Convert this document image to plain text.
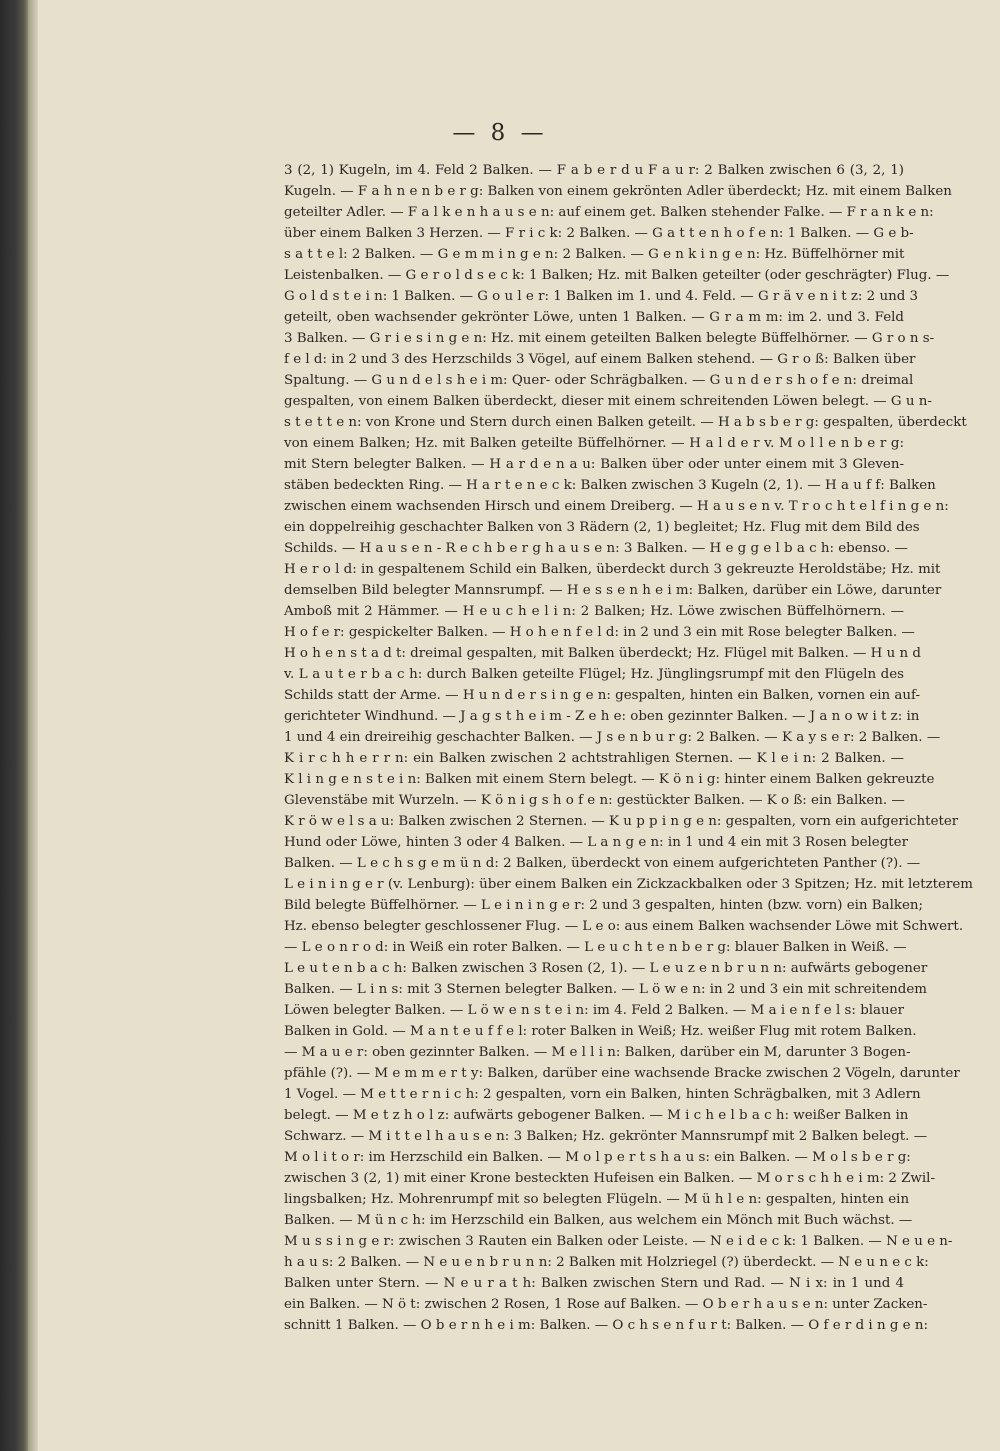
— 8 —
3 (2, 1) Kugeln, im 4. Feld 2 Balken. — F a b e r d u F a u r: 2 Balken zwischen 6 (3, 2, 1)
Kugeln. — F a h n e n b e r g: Balken von einem gekrönten Adler überdeckt; Hz. mit einem Balken
geteilter Adler. — F a l k e n h a u s e n: auf einem get. Balken stehender Falke. — F r a n k e n:
über einem Balken 3 Herzen. — F r i c k: 2 Balken. — G a t t e n h o f e n: 1 Balken. — G e b-
s a t t e l: 2 Balken. — G e m m i n g e n: 2 Balken. — G e n k i n g e n: Hz. Büffelhörner mit
Leistenbalken. — G e r o l d s e c k: 1 Balken; Hz. mit Balken geteilter (oder geschrägter) Flug. —
G o l d s t e i n: 1 Balken. — G o u l e r: 1 Balken im 1. und 4. Feld. — G r ä v e n i t z: 2 und 3
geteilt, oben wachsender gekrönter Löwe, unten 1 Balken. — G r a m m: im 2. und 3. Feld
3 Balken. — G r i e s i n g e n: Hz. mit einem geteilten Balken belegte Büffelhörner. — G r o n s-
f e l d: in 2 und 3 des Herzschilds 3 Vögel, auf einem Balken stehend. — G r o ß: Balken über
Spaltung. — G u n d e l s h e i m: Quer- oder Schrägbalken. — G u n d e r s h o f e n: dreimal
gespalten, von einem Balken überdeckt, dieser mit einem schreitenden Löwen belegt. — G u n-
s t e t t e n: von Krone und Stern durch einen Balken geteilt. — H a b s b e r g: gespalten, überdeckt
von einem Balken; Hz. mit Balken geteilte Büffelhörner. — H a l d e r v. M o l l e n b e r g:
mit Stern belegter Balken. — H a r d e n a u: Balken über oder unter einem mit 3 Gleven-
stäben bedeckten Ring. — H a r t e n e c k: Balken zwischen 3 Kugeln (2, 1). — H a u f f: Balken
zwischen einem wachsenden Hirsch und einem Dreiberg. — H a u s e n v. T r o c h t e l f i n g e n:
ein doppelreihig geschachter Balken von 3 Rädern (2, 1) begleitet; Hz. Flug mit dem Bild des
Schilds. — H a u s e n - R e c h b e r g h a u s e n: 3 Balken. — H e g g e l b a c h: ebenso. —
H e r o l d: in gespaltenem Schild ein Balken, überdeckt durch 3 gekreuzte Heroldstäbe; Hz. mit
demselben Bild belegter Mannsrumpf. — H e s s e n h e i m: Balken, darüber ein Löwe, darunter
Amboß mit 2 Hämmer. — H e u c h e l i n: 2 Balken; Hz. Löwe zwischen Büffelhörnern. —
H o f e r: gespickelter Balken. — H o h e n f e l d: in 2 und 3 ein mit Rose belegter Balken. —
H o h e n s t a d t: dreimal gespalten, mit Balken überdeckt; Hz. Flügel mit Balken. — H u n d
v. L a u t e r b a c h: durch Balken geteilte Flügel; Hz. Jünglingsrumpf mit den Flügeln des
Schilds statt der Arme. — H u n d e r s i n g e n: gespalten, hinten ein Balken, vornen ein auf-
gerichteter Windhund. — J a g s t h e i m - Z e h e: oben gezinnter Balken. — J a n o w i t z: in
1 und 4 ein dreireihig geschachter Balken. — J s e n b u r g: 2 Balken. — K a y s e r: 2 Balken. —
K i r c h h e r r n: ein Balken zwischen 2 achtstrahligen Sternen. — K l e i n: 2 Balken. —
K l i n g e n s t e i n: Balken mit einem Stern belegt. — K ö n i g: hinter einem Balken gekreuzte
Glevenstäbe mit Wurzeln. — K ö n i g s h o f e n: gestückter Balken. — K o ß: ein Balken. —
K r ö w e l s a u: Balken zwischen 2 Sternen. — K u p p i n g e n: gespalten, vorn ein aufgerichteter
Hund oder Löwe, hinten 3 oder 4 Balken. — L a n g e n: in 1 und 4 ein mit 3 Rosen belegter
Balken. — L e c h s g e m ü n d: 2 Balken, überdeckt von einem aufgerichteten Panther (?). —
L e i n i n g e r (v. Lenburg): über einem Balken ein Zickzackbalken oder 3 Spitzen; Hz. mit letzterem
Bild belegte Büffelhörner. — L e i n i n g e r: 2 und 3 gespalten, hinten (bzw. vorn) ein Balken;
Hz. ebenso belegter geschlossener Flug. — L e o: aus einem Balken wachsender Löwe mit Schwert.
— L e o n r o d: in Weiß ein roter Balken. — L e u c h t e n b e r g: blauer Balken in Weiß. —
L e u t e n b a c h: Balken zwischen 3 Rosen (2, 1). — L e u z e n b r u n n: aufwärts gebogener
Balken. — L i n s: mit 3 Sternen belegter Balken. — L ö w e n: in 2 und 3 ein mit schreitendem
Löwen belegter Balken. — L ö w e n s t e i n: im 4. Feld 2 Balken. — M a i e n f e l s: blauer
Balken in Gold. — M a n t e u f f e l: roter Balken in Weiß; Hz. weißer Flug mit rotem Balken.
— M a u e r: oben gezinnter Balken. — M e l l i n: Balken, darüber ein M, darunter 3 Bogen-
pfähle (?). — M e m m e r t y: Balken, darüber eine wachsende Bracke zwischen 2 Vögeln, darunter
1 Vogel. — M e t t e r n i c h: 2 gespalten, vorn ein Balken, hinten Schrägbalken, mit 3 Adlern
belegt. — M e t z h o l z: aufwärts gebogener Balken. — M i c h e l b a c h: weißer Balken in
Schwarz. — M i t t e l h a u s e n: 3 Balken; Hz. gekrönter Mannsrumpf mit 2 Balken belegt. —
M o l i t o r: im Herzschild ein Balken. — M o l p e r t s h a u s: ein Balken. — M o l s b e r g:
zwischen 3 (2, 1) mit einer Krone besteckten Hufeisen ein Balken. — M o r s c h h e i m: 2 Zwil-
lingsbalken; Hz. Mohrenrumpf mit so belegten Flügeln. — M ü h l e n: gespalten, hinten ein
Balken. — M ü n c h: im Herzschild ein Balken, aus welchem ein Mönch mit Buch wächst. —
M u s s i n g e r: zwischen 3 Rauten ein Balken oder Leiste. — N e i d e c k: 1 Balken. — N e u e n-
h a u s: 2 Balken. — N e u e n b r u n n: 2 Balken mit Holzriegel (?) überdeckt. — N e u n e c k:
Balken unter Stern. — N e u r a t h: Balken zwischen Stern und Rad. — N i x: in 1 und 4
ein Balken. — N ö t: zwischen 2 Rosen, 1 Rose auf Balken. — O b e r h a u s e n: unter Zacken-
schnitt 1 Balken. — O b e r n h e i m: Balken. — O c h s e n f u r t: Balken. — O f e r d i n g e n:
